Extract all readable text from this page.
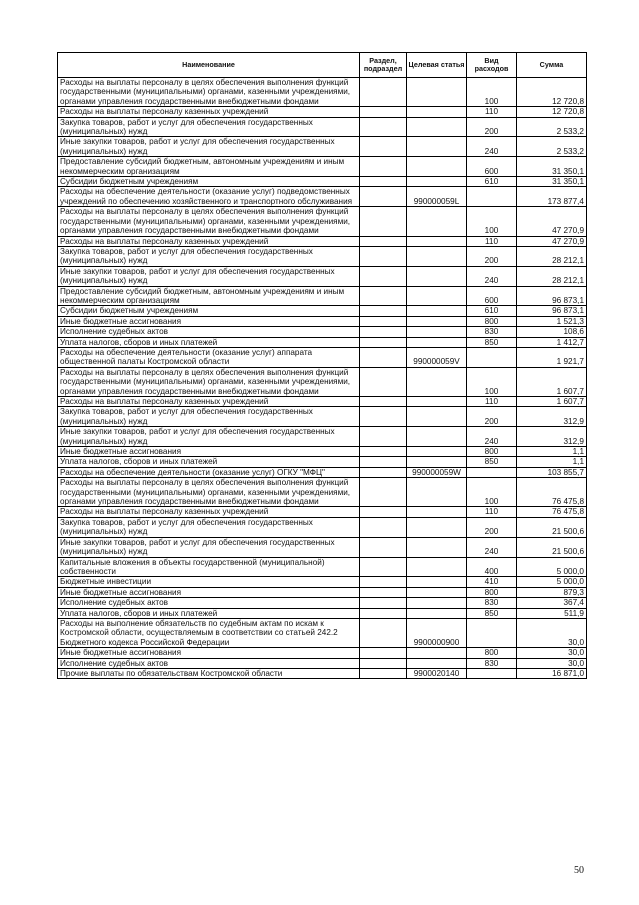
Наименование	Раздел, подраздел	Целевая статья	Вид расходов	Сумма
Расходы на выплаты персоналу в целях обеспечения выполнения функций государственными (муниципальными) органами, казенными учреждениями, органами управления государственными внебюджетными фондами			100	12 720,8
Расходы на выплаты персоналу казенных учреждений			110	12 720,8
Закупка товаров, работ и услуг для обеспечения государственных (муниципальных) нужд			200	2 533,2
Иные закупки товаров, работ и услуг для обеспечения государственных (муниципальных) нужд			240	2 533,2
Предоставление субсидий бюджетным, автономным учреждениям и иным некоммерческим организациям			600	31 350,1
Субсидии бюджетным учреждениям			610	31 350,1
Расходы на обеспечение деятельности (оказание услуг) подведомственных учреждений по обеспечению хозяйственного и транспортного обслуживания		990000059L		173 877,4
Расходы на выплаты персоналу в целях обеспечения выполнения функций государственными (муниципальными) органами, казенными учреждениями, органами управления государственными внебюджетными фондами			100	47 270,9
Расходы на выплаты персоналу казенных учреждений			110	47 270,9
Закупка товаров, работ и услуг для обеспечения государственных (муниципальных) нужд			200	28 212,1
Иные закупки товаров, работ и услуг для обеспечения государственных (муниципальных) нужд			240	28 212,1
Предоставление субсидий бюджетным, автономным учреждениям и иным некоммерческим организациям			600	96 873,1
Субсидии бюджетным учреждениям			610	96 873,1
Иные бюджетные ассигнования			800	1 521,3
Исполнение судебных актов			830	108,6
Уплата налогов, сборов и иных платежей			850	1 412,7
Расходы на обеспечение деятельности (оказание услуг) аппарата общественной палаты Костромской области		990000059V		1 921,7
Расходы на выплаты персоналу в целях обеспечения выполнения функций государственными (муниципальными) органами, казенными учреждениями, органами управления государственными внебюджетными фондами			100	1 607,7
Расходы на выплаты персоналу казенных учреждений			110	1 607,7
Закупка товаров, работ и услуг для обеспечения государственных (муниципальных) нужд			200	312,9
Иные закупки товаров, работ и услуг для обеспечения государственных (муниципальных) нужд			240	312,9
Иные бюджетные ассигнования			800	1,1
Уплата налогов, сборов и иных платежей			850	1,1
Расходы на обеспечение деятельности (оказание услуг) ОГКУ "МФЦ"		990000059W		103 855,7
Расходы на выплаты персоналу в целях обеспечения выполнения функций государственными (муниципальными) органами, казенными учреждениями, органами управления государственными внебюджетными фондами			100	76 475,8
Расходы на выплаты персоналу казенных учреждений			110	76 475,8
Закупка товаров, работ и услуг для обеспечения государственных (муниципальных) нужд			200	21 500,6
Иные закупки товаров, работ и услуг для обеспечения государственных (муниципальных) нужд			240	21 500,6
Капитальные вложения в объекты государственной (муниципальной) собственности			400	5 000,0
Бюджетные инвестиции			410	5 000,0
Иные бюджетные ассигнования			800	879,3
Исполнение судебных актов			830	367,4
Уплата налогов, сборов и иных платежей			850	511,9
Расходы на выполнение обязательств по судебным актам по искам к Костромской области, осуществляемым в соответствии со статьей 242.2 Бюджетного кодекса Российской Федерации		9900000900		30,0
Иные бюджетные ассигнования			800	30,0
Исполнение судебных актов			830	30,0
Прочие выплаты по обязательствам Костромской области		9900020140		16 871,0
50
